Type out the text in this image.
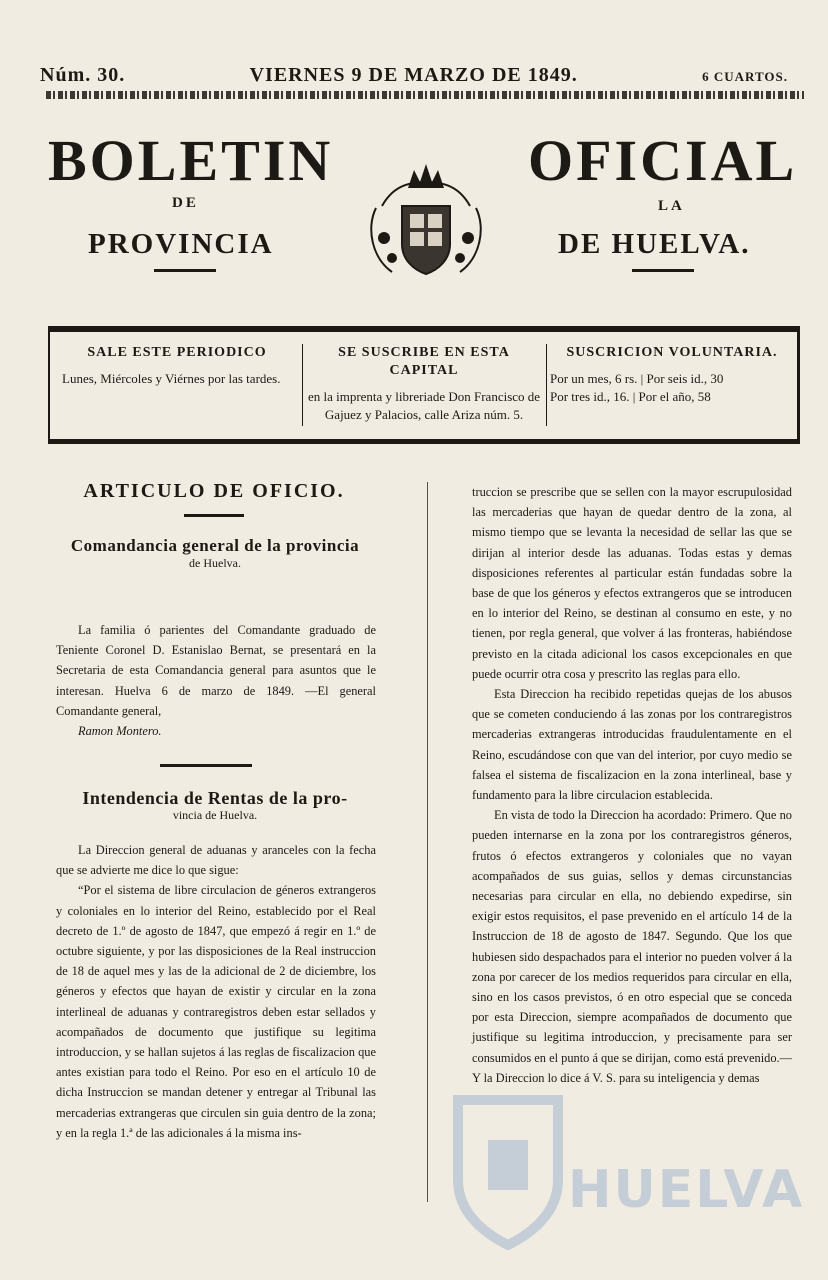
Núm. 30.	VIERNES 9 DE MARZO DE 1849.	6 CUARTOS.
BOLETIN	OFICIAL
DE	LA
PROVINCIA	DE HUELVA.
SALE ESTE PERIODICO
Lunes, Miércoles y Viérnes por las tardes.
SE SUSCRIBE EN ESTA CAPITAL
en la imprenta y libreriade Don Francisco de Gajuez y Palacios, calle Ariza núm. 5.
SUSCRICION VOLUNTARIA.
Por un mes, 6 rs. | Por seis id., 30
Por tres id., 16. | Por el año, 58
ARTICULO DE OFICIO.
Comandancia general de la provincia
de Huelva.

La familia ó parientes del Comandante graduado de Teniente Coronel D. Estanislao Bernat, se presentará en la Secretaria de esta Comandancia general para asuntos que le interesan. Huelva 6 de marzo de 1849. —El general Comandante general,

Ramon Montero.

Intendencia de Rentas de la pro-
vincia de Huelva.

La Direccion general de aduanas y aranceles con la fecha que se advierte me dice lo que sigue:

“Por el sistema de libre circulacion de géneros extrangeros y coloniales en lo interior del Reino, establecido por el Real decreto de 1.º de agosto de 1847, que empezó á regir en 1.º de octubre siguiente, y por las disposiciones de la Real instruccion de 18 de aquel mes y las de la adicional de 2 de diciembre, los géneros y efectos que hayan de existir y circular en la zona interlineal de aduanas y contraregistros deben estar sellados y acompañados de documento que justifique su legitima introduccion, y se hallan sujetos á las reglas de fiscalizacion que antes existian para todo el Reino. Por eso en el artículo 10 de dicha Instruccion se mandan detener y entregar al Tribunal las mercaderias extrangeras que circulen sin guia dentro de la zona; y en la regla 1.ª de las adicionales á la misma ins-

truccion se prescribe que se sellen con la mayor escrupulosidad las mercaderias que hayan de quedar dentro de la zona, al mismo tiempo que se levanta la necesidad de sellar las que se dirijan al interior desde las aduanas. Todas estas y demas disposiciones referentes al particular están fundadas sobre la base de que los géneros y efectos extrangeros que se introducen en lo interior del Reino, se destinan al consumo en este, y no tienen, por regla general, que volver á las fronteras, habiéndose previsto en la citada adicional los casos excepcionales en que puede ocurrir otra cosa y prescrito las reglas para ello.

Esta Direccion ha recibido repetidas quejas de los abusos que se cometen conduciendo á las zonas por los contraregistros mercaderias extrangeras introducidas fraudulentamente en el Reino, escudándose con que van del interior, por cuyo medio se falsea el sistema de fiscalizacion en la zona interlineal, base y fundamento para la libre circulacion establecida.

En vista de todo la Direccion ha acordado: Primero. Que no pueden internarse en la zona por los contraregistros géneros, frutos ó efectos extrangeros y coloniales que no vayan acompañados de sus guias, sellos y demas circunstancias necesarias para circular en ella, no debiendo expedirse, sin exigir estos requisitos, el pase prevenido en el artículo 14 de la Instruccion de 18 de agosto de 1847. Segundo. Que los que hubiesen sido despachados para el interior no pueden volver á la zona por carecer de los medios requeridos para circular en ella, sino en los casos previstos, ó en otro especial que se conceda por esta Direccion, siempre acompañados de documento que justifique su legitima introduccion, y precisamente para ser consumidos en el punto á que se dirijan, como está prevenido.— Y la Direccion lo dice á V. S. para su inteligencia y demas

HUELVA
